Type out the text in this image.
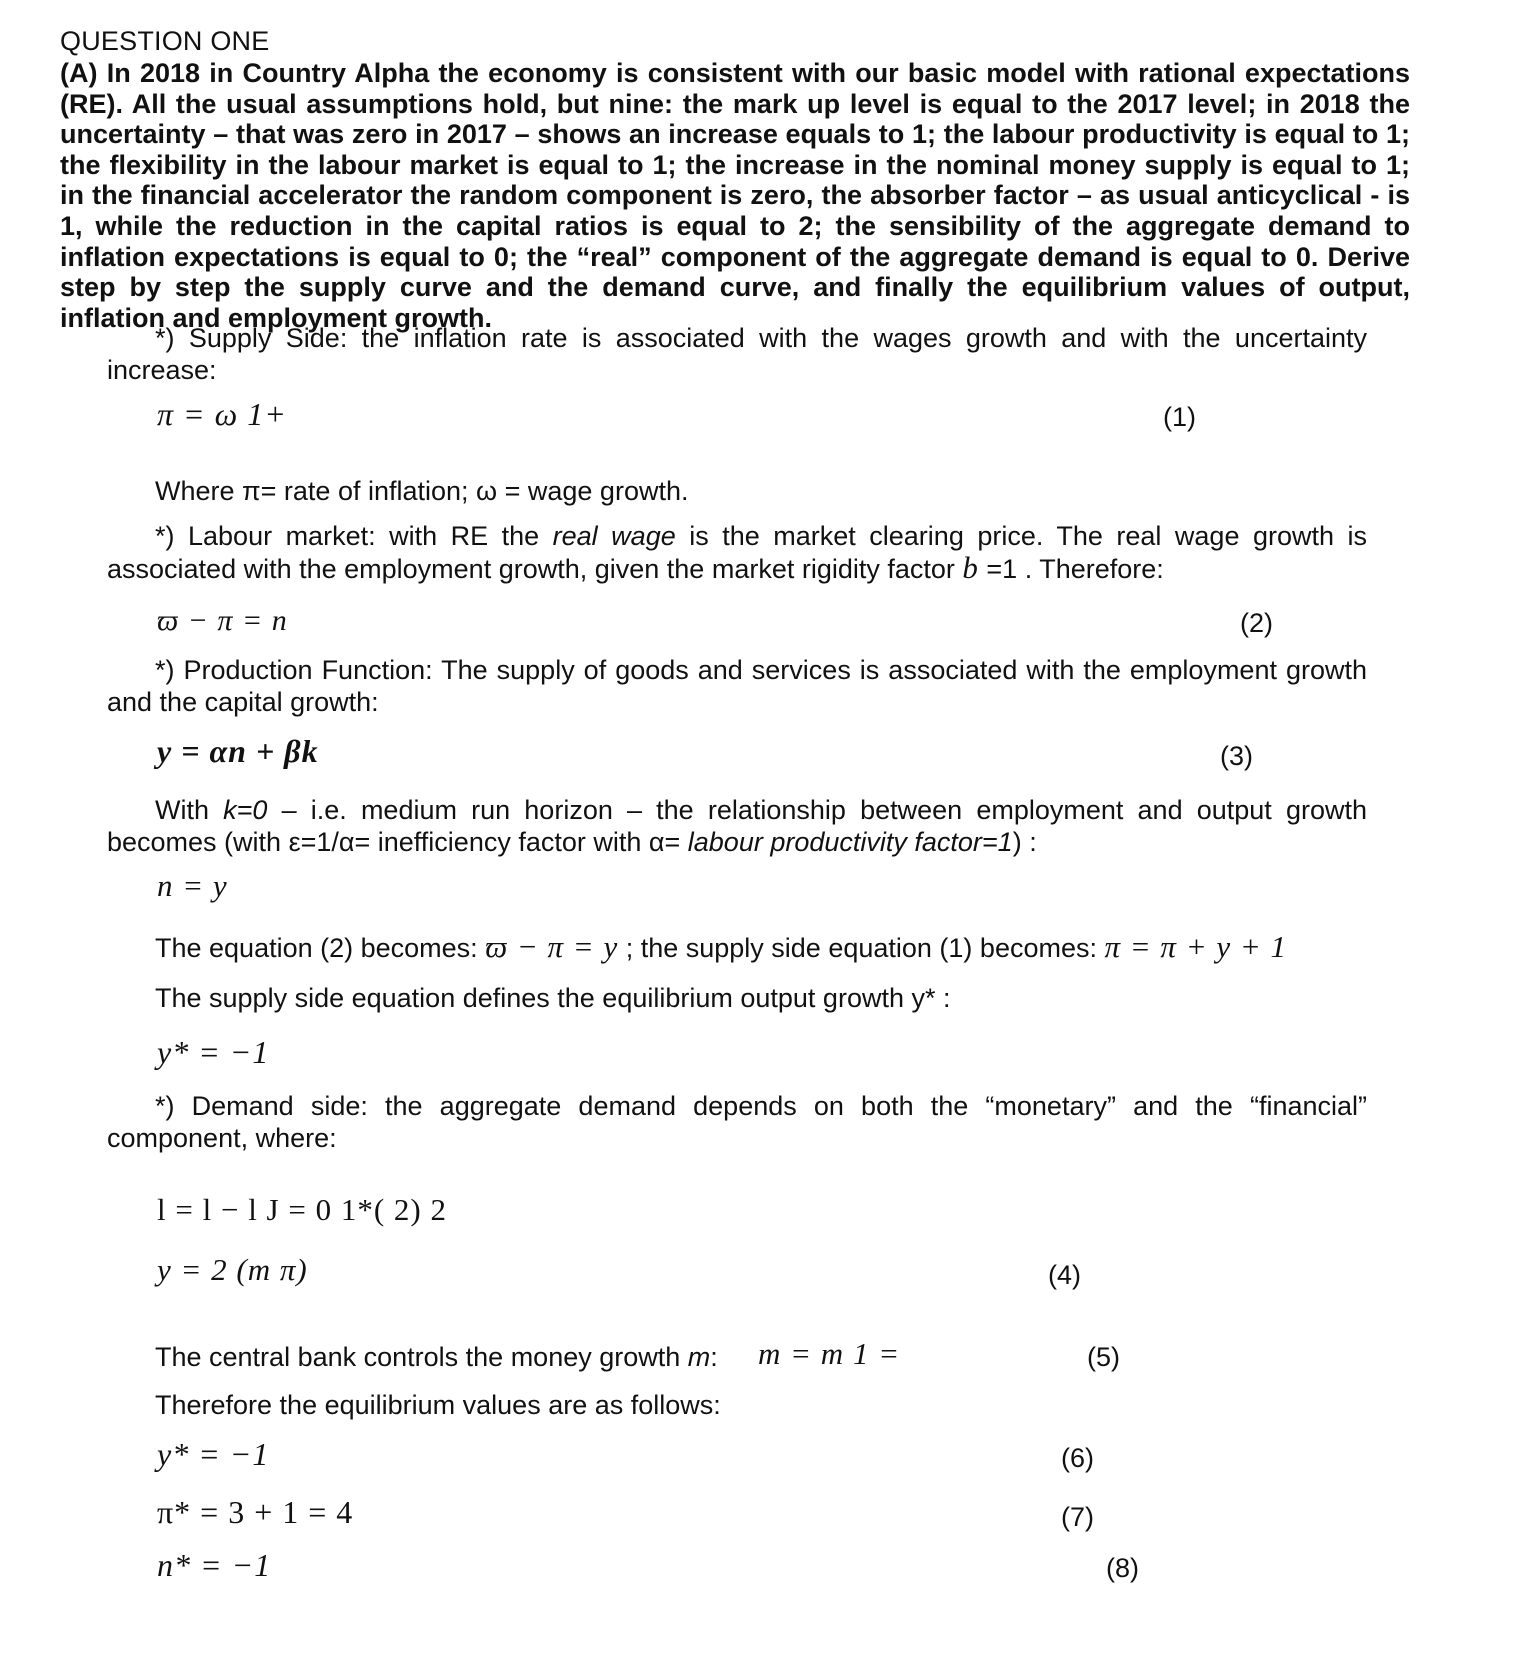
QUESTION ONE
(A) In 2018 in Country Alpha the economy is consistent with our basic model with rational expectations (RE). All the usual assumptions hold, but nine: the mark up level is equal to the 2017 level; in 2018 the uncertainty – that was zero in 2017 – shows an increase equals to 1; the labour productivity is equal to 1; the flexibility in the labour market is equal to 1; the increase in the nominal money supply is equal to 1; in the financial accelerator the random component is zero, the absorber factor – as usual anticyclical - is 1, while the reduction in the capital ratios is equal to 2; the sensibility of the aggregate demand to inflation expectations is equal to 0; the “real” component of the aggregate demand is equal to 0. Derive step by step the supply curve and the demand curve, and finally the equilibrium values of output, inflation and employment growth.
*) Supply Side: the inflation rate is associated with the wages growth and with the uncertainty increase:
π = ω 1+	(1)
Where π= rate of inflation; ω = wage growth.
*) Labour market: with RE the real wage is the market clearing price. The real wage growth is associated with the employment growth, given the market rigidity factor b =1 . Therefore:
ϖ − π = n	(2)
*) Production Function: The supply of goods and services is associated with the employment growth and the capital growth:
y = αn + βk	(3)
With k=0 – i.e. medium run horizon – the relationship between employment and output growth becomes (with ε=1/α= inefficiency factor with α= labour productivity factor=1) :
n = y
The equation (2) becomes: ϖ − π = y ; the supply side equation (1) becomes: π = π + y + 1
The supply side equation defines the equilibrium output growth y* :
y* = −1
*) Demand side: the aggregate demand depends on both the “monetary” and the “financial” component, where:
l = l − l J = 0 1*( 2) 2
y = 2 (m π)	(4)
The central bank controls the money growth m: m = m 1 =	(5)
Therefore the equilibrium values are as follows:
y* = −1	(6)
π* = 3 + 1 = 4	(7)
n* = −1	(8)
